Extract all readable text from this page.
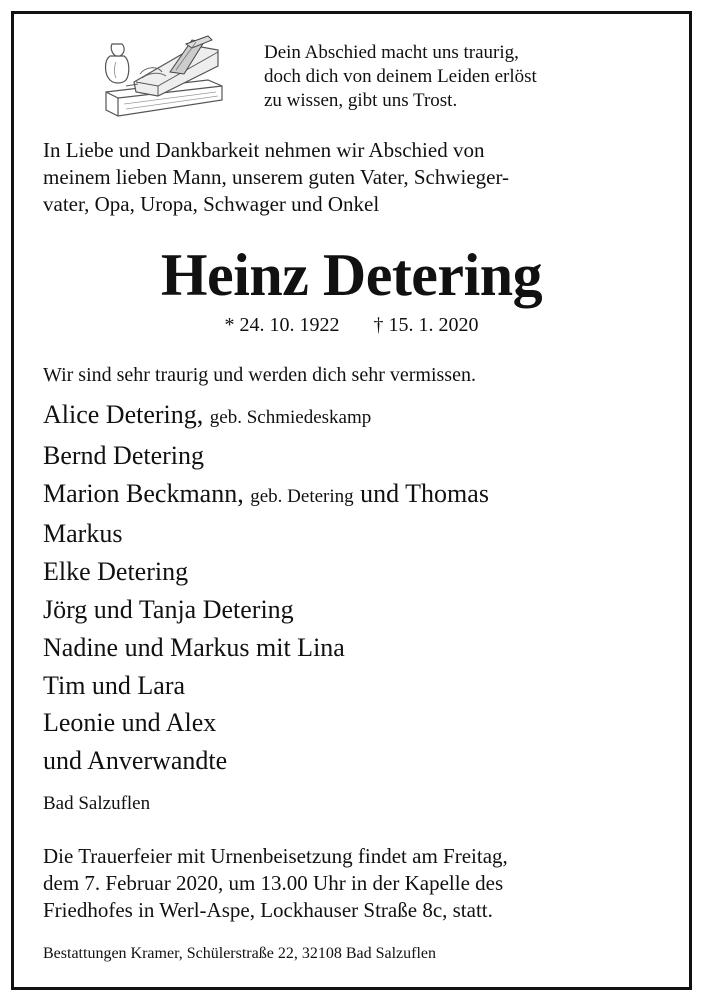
Dein Abschied macht uns traurig,
doch dich von deinem Leiden erlöst
zu wissen, gibt uns Trost.
In Liebe und Dankbarkeit nehmen wir Abschied von
meinem lieben Mann, unserem guten Vater, Schwieger-
vater, Opa, Uropa, Schwager und Onkel
Heinz Detering
* 24. 10. 1922 † 15. 1. 2020
Wir sind sehr traurig und werden dich sehr vermissen.
Alice Detering, geb. Schmiedeskamp
Bernd Detering
Marion Beckmann, geb. Detering und Thomas
Markus
Elke Detering
Jörg und Tanja Detering
Nadine und Markus mit Lina
Tim und Lara
Leonie und Alex
und Anverwandte
Bad Salzuflen
Die Trauerfeier mit Urnenbeisetzung findet am Freitag,
dem 7. Februar 2020, um 13.00 Uhr in der Kapelle des
Friedhofes in Werl-Aspe, Lockhauser Straße 8c, statt.
Bestattungen Kramer, Schülerstraße 22, 32108 Bad Salzuflen
